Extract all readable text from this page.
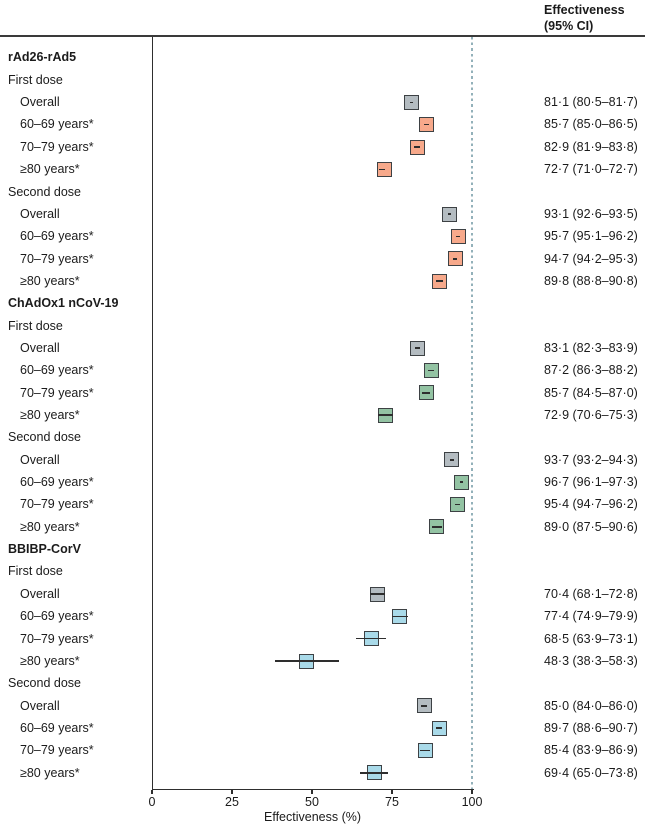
Effectiveness
(95% CI)
Effectiveness (%)
0	25	50	75	100
rAd26-rAd5
First dose
Overall	81·1 (80·5–81·7)
60–69 years*	85·7 (85·0–86·5)
70–79 years*	82·9 (81·9–83·8)
≥80 years*	72·7 (71·0–72·7)
Second dose
Overall	93·1 (92·6–93·5)
60–69 years*	95·7 (95·1–96·2)
70–79 years*	94·7 (94·2–95·3)
≥80 years*	89·8 (88·8–90·8)
ChAdOx1 nCoV-19
First dose
Overall	83·1 (82·3–83·9)
60–69 years*	87·2 (86·3–88·2)
70–79 years*	85·7 (84·5–87·0)
≥80 years*	72·9 (70·6–75·3)
Second dose
Overall	93·7 (93·2–94·3)
60–69 years*	96·7 (96·1–97·3)
70–79 years*	95·4 (94·7–96·2)
≥80 years*	89·0 (87·5–90·6)
BBIBP-CorV
First dose
Overall	70·4 (68·1–72·8)
60–69 years*	77·4 (74·9–79·9)
70–79 years*	68·5 (63·9–73·1)
≥80 years*	48·3 (38·3–58·3)
Second dose
Overall	85·0 (84·0–86·0)
60–69 years*	89·7 (88·6–90·7)
70–79 years*	85·4 (83·9–86·9)
≥80 years*	69·4 (65·0–73·8)
